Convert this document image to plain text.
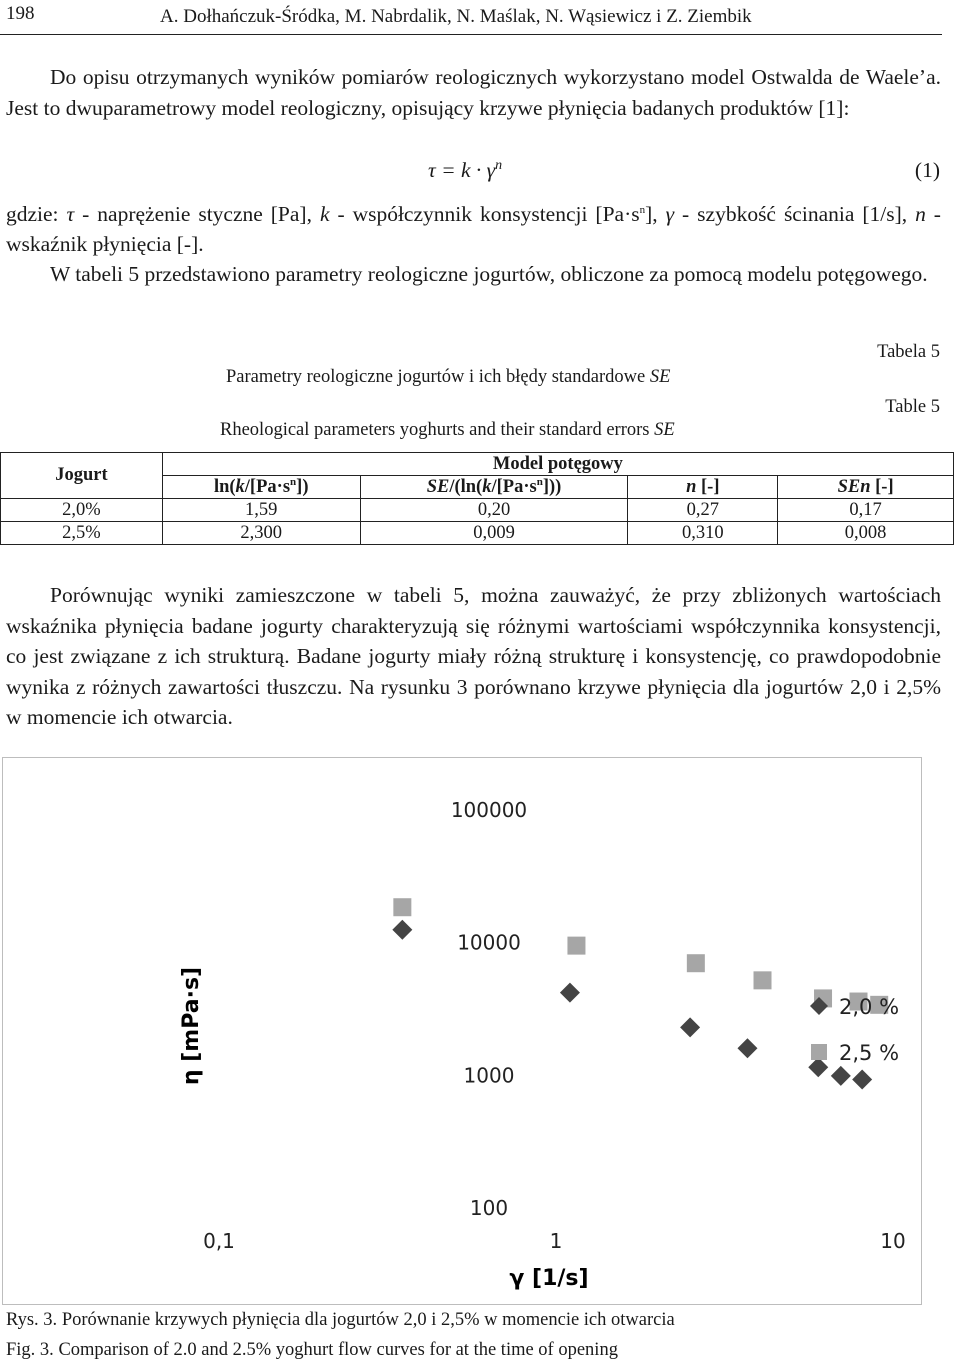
198	A. Dołhańczuk-Śródka, M. Nabrdalik, N. Maślak, N. Wąsiewicz i Z. Ziembik

Do opisu otrzymanych wyników pomiarów reologicznych wykorzystano model Ostwalda de Waele’a. Jest to dwuparametrowy model reologiczny, opisujący krzywe płynięcia badanych produktów [1]:

$\tau = k \cdot \gamma^n$	(1)

gdzie: τ - naprężenie styczne [Pa], k - współczynnik konsystencji $[Pa\cdot s^n]$, γ - szybkość ścinania [1/s], n - wskaźnik płynięcia [-].

W tabeli 5 przedstawiono parametry reologiczne jogurtów, obliczone za pomocą modelu potęgowego.

Tabela 5
Table 5
Parametry reologiczne jogurtów i ich błędy standardowe SE
Rheological parameters yoghurts and their standard errors SE
Jogurt	Model potęgowy			
	$\ln(k/[Pa\cdot s^n])$	$SE/(\ln(k/[Pa\cdot s^n]))$	n [-]	SEn [-]
2,0%	1,59	0,20	0,27	0,17
2,5%	2,300	0,009	0,310	0,008

Porównując wyniki zamieszczone w tabeli 5, można zauważyć, że przy zbliżonych wartościach wskaźnika płynięcia badane jogurty charakteryzują się różnymi wartościami współczynnika konsystencji, co jest związane z ich strukturą. Badane jogurty miały różną strukturę i konsystencję, co prawdopodobnie wynika z różnych zawartości tłuszczu. Na rysunku 3 porównano krzywe płynięcia dla jogurtów 2,0 i 2,5% w momencie ich otwarcia.

100
1000
10000
100000
0,1	1	10
η [mPa·s]
γ [1/s]
2,0 %
2,5 %
Rys. 3. Porównanie krzywych płynięcia dla jogurtów 2,0 i 2,5% w momencie ich otwarcia
Fig. 3. Comparison of 2.0 and 2.5% yoghurt flow curves for at the time of opening
